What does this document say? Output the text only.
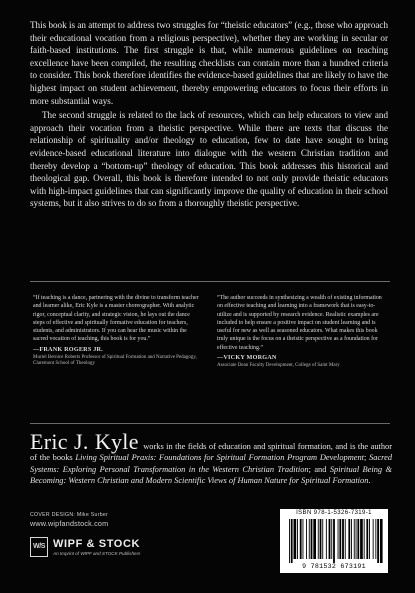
This book is an attempt to address two struggles for “theistic educators” (e.g., those who approach their educational vocation from a religious perspective), whether they are working in secular or faith-based institutions. The first struggle is that, while numerous guidelines on teaching excellence have been compiled, the resulting checklists can contain more than a hundred criteria to consider. This book therefore identifies the evidence-based guidelines that are likely to have the highest impact on student achievement, thereby empowering educators to focus their efforts in more substantial ways.

The second struggle is related to the lack of resources, which can help educators to view and approach their vocation from a theistic perspective. While there are texts that discuss the relationship of spirituality and/or theology to education, few to date have sought to bring evidence-based educational literature into dialogue with the western Christian tradition and thereby develop a “bottom-up” theology of education. This book addresses this historical and theological gap. Overall, this book is therefore intended to not only provide theistic educators with high-impact guidelines that can significantly improve the quality of education in their school systems, but it also strives to do so from a thoroughly theistic perspective.

“If teaching is a dance, partnering with the divine to transform teacher and learner alike, Eric Kyle is a master choreographer. With analytic rigor, conceptual clarity, and strategic vision, he lays out the dance steps of effective and spiritually formative education for teachers, students, and administrators. If you can hear the music within the sacred vocation of teaching, this book is for you.”

—FRANK ROGERS JR.

Muriel Bernice Roberts Professor of Spiritual Formation and Narrative Pedagogy, Claremont School of Theology

“The author succeeds in synthesizing a wealth of existing information on effective teaching and learning into a framework that is easy-to-utilize and is supported by research evidence. Realistic examples are included to help ensure a positive impact on student learning and is useful for new as well as seasoned educators. What makes this book truly unique is the focus on a theistic perspective as a foundation for effective teaching.”

—VICKY MORGAN

Associate Dean Faculty Development, College of Saint Mary

Eric J. Kyle works in the fields of education and spiritual formation, and is the author of the books Living Spiritual Praxis: Foundations for Spiritual Formation Program Development; Sacred Systems: Exploring Personal Transformation in the Western Christian Tradition; and Spiritual Being & Becoming: Western Christian and Modern Scientific Views of Human Nature for Spiritual Formation.
COVER DESIGN: Mike Surber
www.wipfandstock.com
W/S WIPF & STOCK
An Imprint of WIPF and STOCK Publishers
ISBN 978-1-5326-7319-1
9 781532 673191
